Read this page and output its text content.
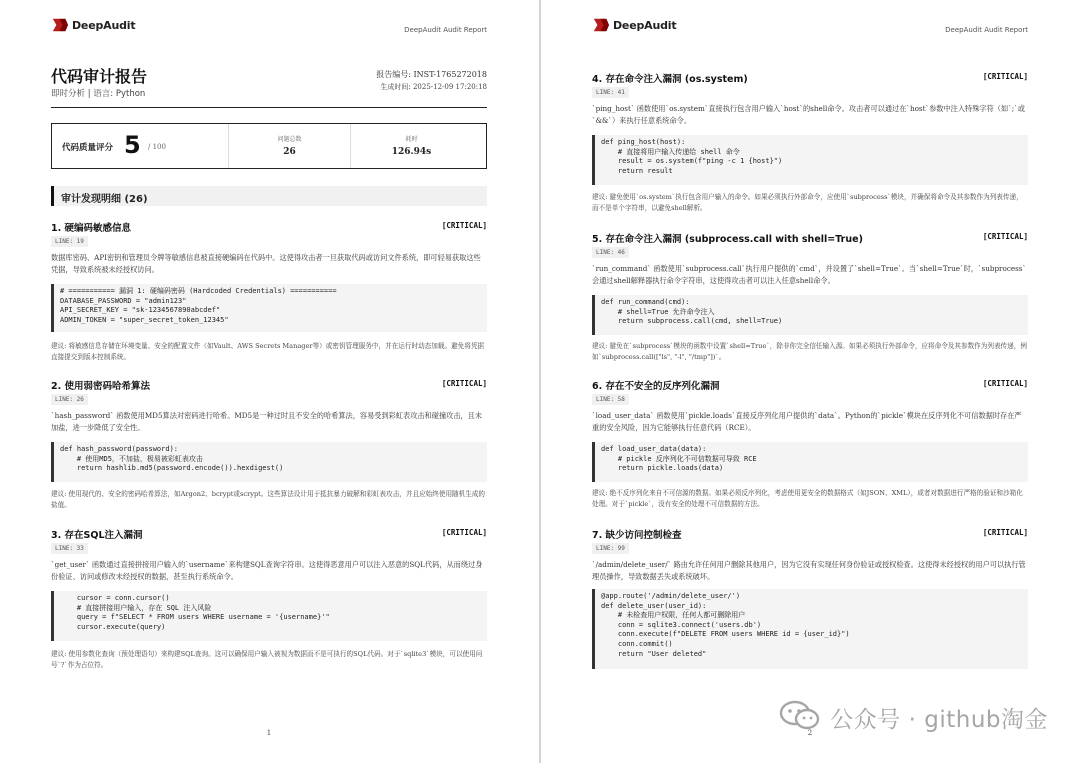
DeepAudit	DeepAudit Audit Report
代码审计报告
即时分析 | 语言: Python
报告编号: INST-1765272018
生成时间: 2025-12-09 17:20:18
代码质量评分 5 / 100
问题总数
26
耗时
126.94s
审计发现明细 (26)
1. 硬编码敏感信息	[CRITICAL]
LINE: 19
数据库密码、API密钥和管理员令牌等敏感信息被直接硬编码在代码中。这使得攻击者一旦获取代码或访问文件系统，即可轻易获取这些凭据，导致系统被未经授权访问。
# =========== 漏洞 1: 硬编码密码 (Hardcoded Credentials) ===========
DATABASE_PASSWORD = "admin123"
API_SECRET_KEY = "sk-1234567890abcdef"
ADMIN_TOKEN = "super_secret_token_12345"
建议: 将敏感信息存储在环境变量、安全的配置文件（如Vault、AWS Secrets Manager等）或密钥管理服务中，并在运行时动态加载。避免将凭据直接提交到版本控制系统。
2. 使用弱密码哈希算法	[CRITICAL]
LINE: 26
`hash_password` 函数使用MD5算法对密码进行哈希。MD5是一种过时且不安全的哈希算法，容易受到彩虹表攻击和碰撞攻击，且未加盐，进一步降低了安全性。
def hash_password(password):
# 使用MD5，不加盐，极易被彩虹表攻击
return hashlib.md5(password.encode()).hexdigest()
建议: 使用现代的、安全的密码哈希算法，如Argon2、bcrypt或scrypt。这些算法设计用于抵抗暴力破解和彩虹表攻击，并且应始终使用随机生成的盐值。
3. 存在SQL注入漏洞	[CRITICAL]
LINE: 33
`get_user` 函数通过直接拼接用户输入的`username`来构建SQL查询字符串。这使得恶意用户可以注入恶意的SQL代码，从而绕过身份验证、访问或修改未经授权的数据，甚至执行系统命令。
cursor = conn.cursor()
# 直接拼接用户输入，存在 SQL 注入风险
query = f"SELECT * FROM users WHERE username = '{username}'"
cursor.execute(query)
建议: 使用参数化查询（预处理语句）来构建SQL查询。这可以确保用户输入被视为数据而不是可执行的SQL代码。对于`sqlite3`模块，可以使用问号`?`作为占位符。
1
DeepAudit	DeepAudit Audit Report
4. 存在命令注入漏洞 (os.system)	[CRITICAL]
LINE: 41
`ping_host` 函数使用`os.system`直接执行包含用户输入`host`的shell命令。攻击者可以通过在`host`参数中注入特殊字符（如`;`或`&&`）来执行任意系统命令。
def ping_host(host):
# 直接将用户输入传递给 shell 命令
result = os.system(f"ping -c 1 {host}")
return result
建议: 避免使用`os.system`执行包含用户输入的命令。如果必须执行外部命令，应使用`subprocess`模块，并确保将命令及其参数作为列表传递，而不是单个字符串，以避免shell解析。
5. 存在命令注入漏洞 (subprocess.call with shell=True)	[CRITICAL]
LINE: 46
`run_command` 函数使用`subprocess.call`执行用户提供的`cmd`，并设置了`shell=True`。当`shell=True`时，`subprocess`会通过shell解释器执行命令字符串，这使得攻击者可以注入任意shell命令。
def run_command(cmd):
# shell=True 允许命令注入
return subprocess.call(cmd, shell=True)
建议: 避免在`subprocess`模块的函数中设置`shell=True`，除非你完全信任输入源。如果必须执行外部命令，应将命令及其参数作为列表传递，例如`subprocess.call(["ls", "-l", "/tmp"])`。
6. 存在不安全的反序列化漏洞	[CRITICAL]
LINE: 58
`load_user_data` 函数使用`pickle.loads`直接反序列化用户提供的`data`。Python的`pickle`模块在反序列化不可信数据时存在严重的安全风险，因为它能够执行任意代码（RCE）。
def load_user_data(data):
# pickle 反序列化不可信数据可导致 RCE
return pickle.loads(data)
建议: 绝不反序列化来自不可信源的数据。如果必须反序列化，考虑使用更安全的数据格式（如JSON、XML），或者对数据进行严格的验证和沙箱化处理。对于`pickle`，没有安全的处理不可信数据的方法。
7. 缺少访问控制检查	[CRITICAL]
LINE: 99
`/admin/delete_user/` 路由允许任何用户删除其他用户，因为它没有实现任何身份验证或授权检查。这使得未经授权的用户可以执行管理员操作，导致数据丢失或系统破坏。
@app.route('/admin/delete_user/')
def delete_user(user_id):
# 未检查用户权限，任何人都可删除用户
conn = sqlite3.connect('users.db')
conn.execute(f"DELETE FROM users WHERE id = {user_id}")
conn.commit()
return "User deleted"
2
公众号 · github淘金
